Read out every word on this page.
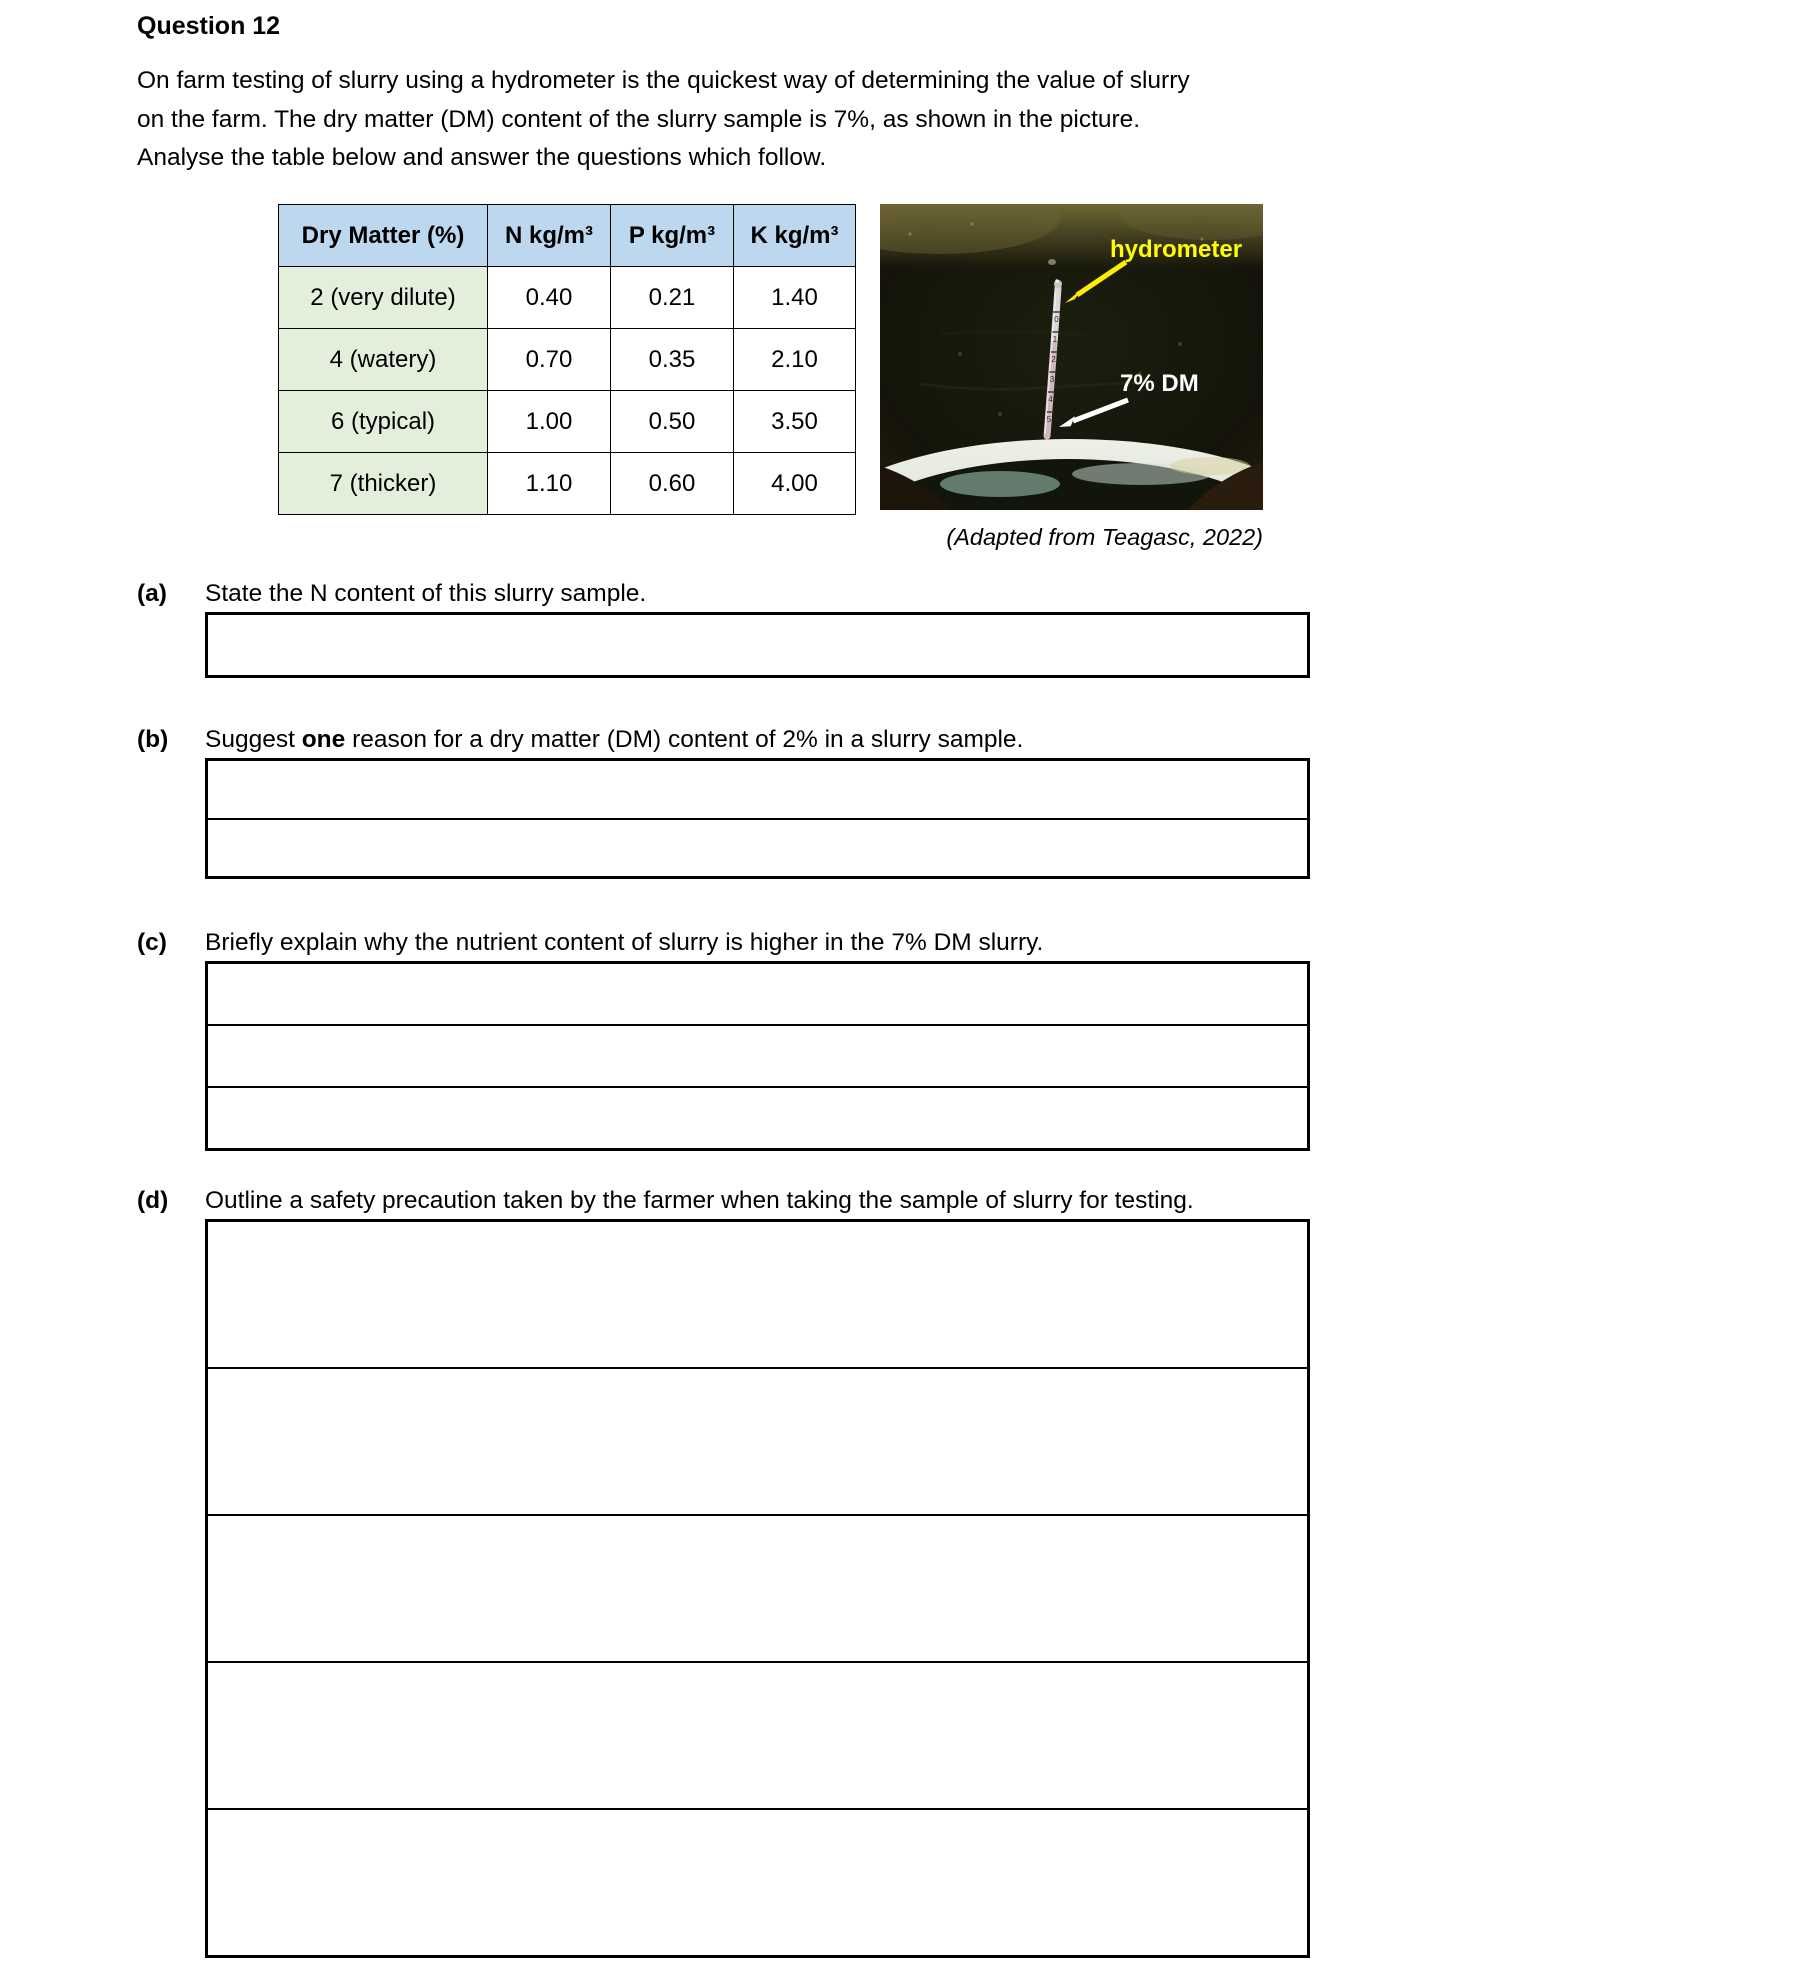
Question 12
On farm testing of slurry using a hydrometer is the quickest way of determining the value of slurry
on the farm. The dry matter (DM) content of the slurry sample is 7%, as shown in the picture.
Analyse the table below and answer the questions which follow.
Dry Matter (%)	N kg/m³	P kg/m³	K kg/m³
2 (very dilute)	0.40	0.21	1.40
4 (watery)	0.70	0.35	2.10
6 (typical)	1.00	0.50	3.50
7 (thicker)	1.10	0.60	4.00
0
1
2
3
4
5
hydrometer
7% DM
(Adapted from Teagasc, 2022)
(a)	State the N content of this slurry sample.
(b)	Suggest one reason for a dry matter (DM) content of 2% in a slurry sample.
(c)	Briefly explain why the nutrient content of slurry is higher in the 7% DM slurry.
(d)	Outline a safety precaution taken by the farmer when taking the sample of slurry for testing.
